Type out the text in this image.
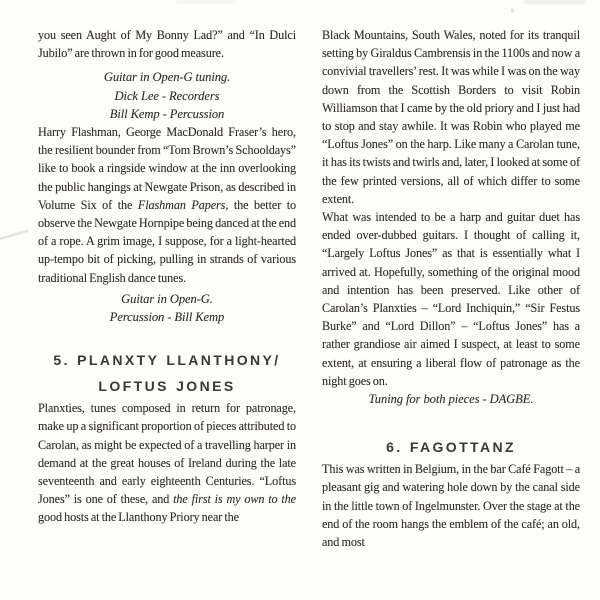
you seen Aught of My Bonny Lad?” and “In Dulci Jubilo” are thrown in for good measure.

Guitar in Open-G tuning.
Dick Lee - Recorders
Bill Kemp - Percussion

Harry Flashman, George MacDonald Fraser’s hero, the resilient bounder from “Tom Brown’s Schooldays” like to book a ringside window at the inn overlooking the public hangings at Newgate Prison, as described in Volume Six of the Flashman Papers, the better to observe the Newgate Hornpipe being danced at the end of a rope. A grim image, I suppose, for a light-hearted up-tempo bit of picking, pulling in strands of various traditional English dance tunes.

Guitar in Open-G.
Percussion - Bill Kemp
5. PLANXTY LLANTHONY/
LOFTUS JONES

Planxties, tunes composed in return for patronage, make up a significant proportion of pieces attributed to Carolan, as might be expected of a travelling harper in demand at the great houses of Ireland during the late seventeenth and early eighteenth Centuries. “Loftus Jones” is one of these, and the first is my own to the good hosts at the Llanthony Priory near the

Black Mountains, South Wales, noted for its tranquil setting by Giraldus Cambrensis in the 1100s and now a convivial travellers’ rest. It was while I was on the way down from the Scottish Borders to visit Robin Williamson that I came by the old priory and I just had to stop and stay awhile. It was Robin who played me “Loftus Jones” on the harp. Like many a Carolan tune, it has its twists and twirls and, later, I looked at some of the few printed versions, all of which differ to some extent.

What was intended to be a harp and guitar duet has ended over-dubbed guitars. I thought of calling it, “Largely Loftus Jones” as that is essentially what I arrived at. Hopefully, something of the original mood and intention has been preserved. Like other of Carolan’s Planxties – “Lord Inchiquin,” “Sir Festus Burke” and “Lord Dillon” – “Loftus Jones” has a rather grandiose air aimed I suspect, at least to some extent, at ensuring a liberal flow of patronage as the night goes on.

Tuning for both pieces - DAGBE.

6. FAGOTTANZ

This was written in Belgium, in the bar Café Fagott – a pleasant gig and watering hole down by the canal side in the little town of Ingelmunster. Over the stage at the end of the room hangs the emblem of the café; an old, and most
